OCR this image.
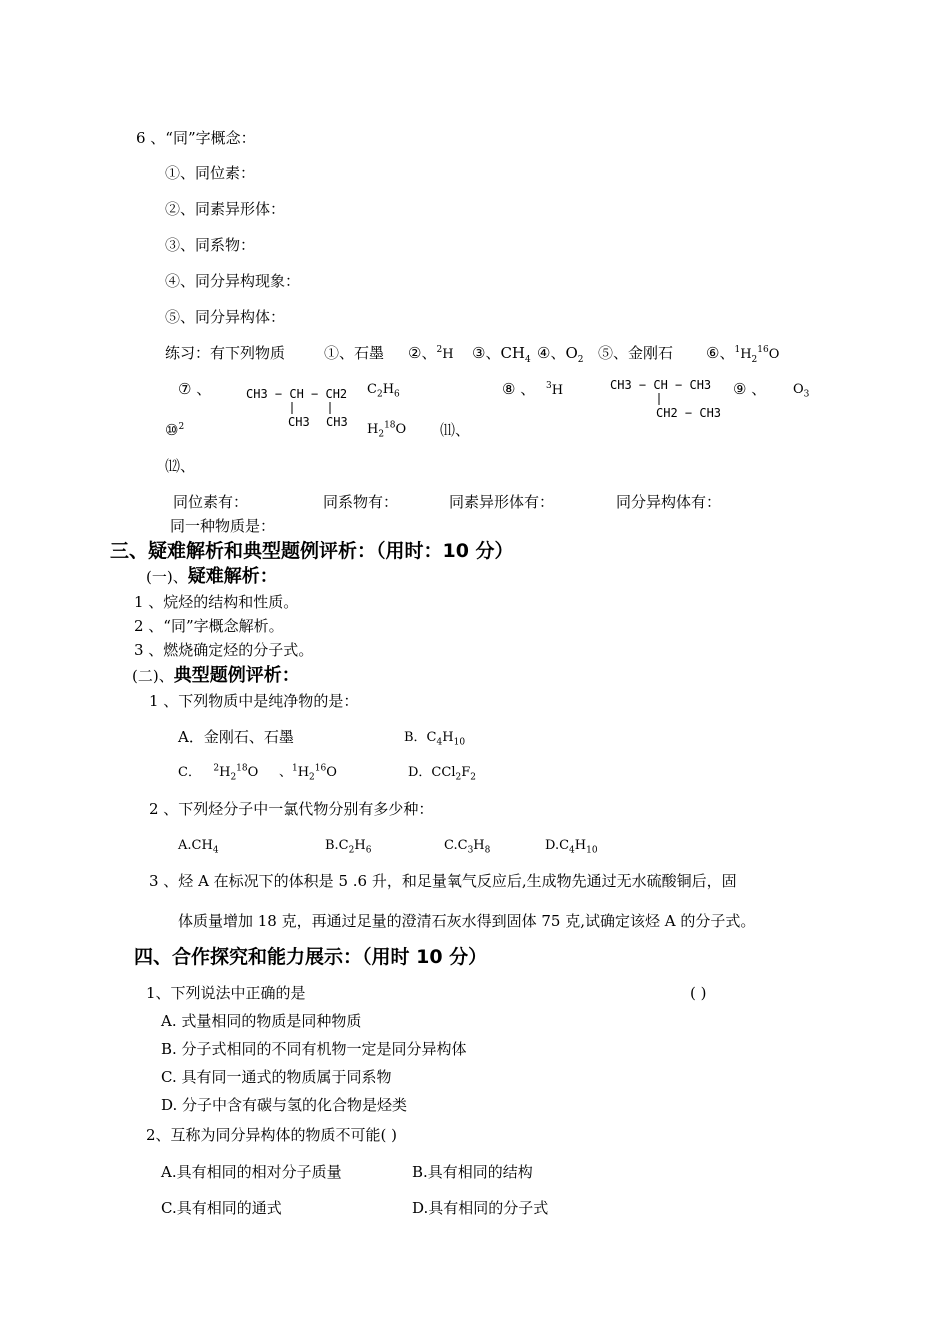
6 、“同”字概念：
①、同位素：
②、同素异形体：
③、同系物：
④、同分异构现象：
⑤、同分异构体：
练习：有下列物质	①、石墨 ②、$^2$H ③、$CH_4$ ④、$O_2$ ⑤、金刚石 ⑥、$^1H_2^{16}O$
⑦ 、	CH3 − CH − CH2
CH3 CH3
$C_2H_6$	⑧ 、 $^3$H	CH3 − CH − CH3
CH2 − CH3
⑨ 、 $O_3$
⑩$^2$	$H_2^{18}O$ ⑾、
⑿、
同位素有：	同系物有：	同素异形体有：	同分异构体有：
同一种物质是：
三、疑难解析和典型题例评析：（用时：10 分）
(一)、疑难解析：
1 、烷烃的结构和性质。
2 、“同”字概念解析。
3 、燃烧确定烃的分子式。
(二)、典型题例评析：
1 、下列物质中是纯净物的是：
A．金刚石、石墨	B．$C_4H_{10}$
C．   $^2H_2^{18}O$     、$^1H_2^{16}O$	D．$CCl_2F_2$
2 、下列烃分子中一氯代物分别有多少种：
$A.CH_4$	$B.C_2H_6$	$C.C_3H_8$	$D.C_4H_{10}$
3 、烃 A 在标况下的体积是 5 .6 升，和足量氧气反应后,生成物先通过无水硫酸铜后，固
体质量增加 18 克，再通过足量的澄清石灰水得到固体 75 克,试确定该烃 A 的分子式。
四、合作探究和能力展示：（用时 10 分）
1、下列说法中正确的是	( )
A. 式量相同的物质是同种物质
B. 分子式相同的不同有机物一定是同分异构体
C. 具有同一通式的物质属于同系物
D. 分子中含有碳与氢的化合物是烃类
2、互称为同分异构体的物质不可能( )
A.具有相同的相对分子质量	B.具有相同的结构
C.具有相同的通式	D.具有相同的分子式
